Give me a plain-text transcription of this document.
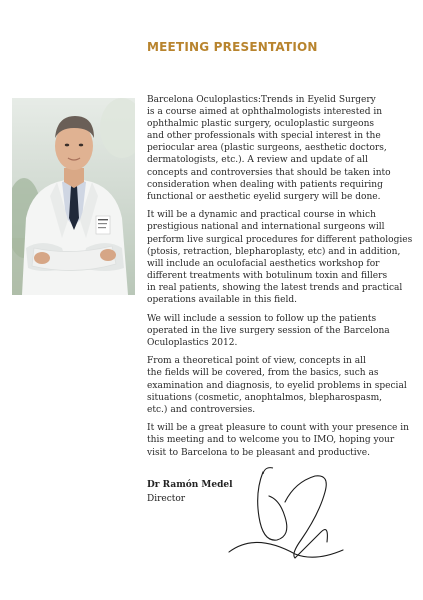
MEETING PRESENTATION

Barcelona Oculoplastics:Trends in Eyelid Surgery
is a course aimed at ophthalmologists interested in
ophthalmic plastic surgery, oculoplastic surgeons
and other professionals with special interest in the
periocular area (plastic surgeons, aesthetic doctors,
dermatologists, etc.). A review and update of all
concepts and controversies that should be taken into
consideration when dealing with patients requiring
functional or aesthetic eyelid surgery will be done.

It will be a dynamic and practical course in which
prestigious national and international surgeons will
perform live surgical procedures for different pathologies
(ptosis, retraction, blepharoplasty, etc) and in addition,
will include an oculofacial aesthetics workshop for
different treatments with botulinum toxin and fillers
in real patients, showing the latest trends and practical
operations available in this field.

We will include a session to follow up the patients
operated in the live surgery session of the Barcelona
Oculoplastics 2012.

From a theoretical point of view, concepts in all
the fields will be covered, from the basics, such as
examination and diagnosis, to eyelid problems in special
situations (cosmetic, anophtalmos, blepharospasm,
etc.) and controversies.

It will be a great pleasure to count with your presence in
this meeting and to welcome you to IMO, hoping your
visit to Barcelona to be pleasant and productive.

Dr Ramón Medel
Director
